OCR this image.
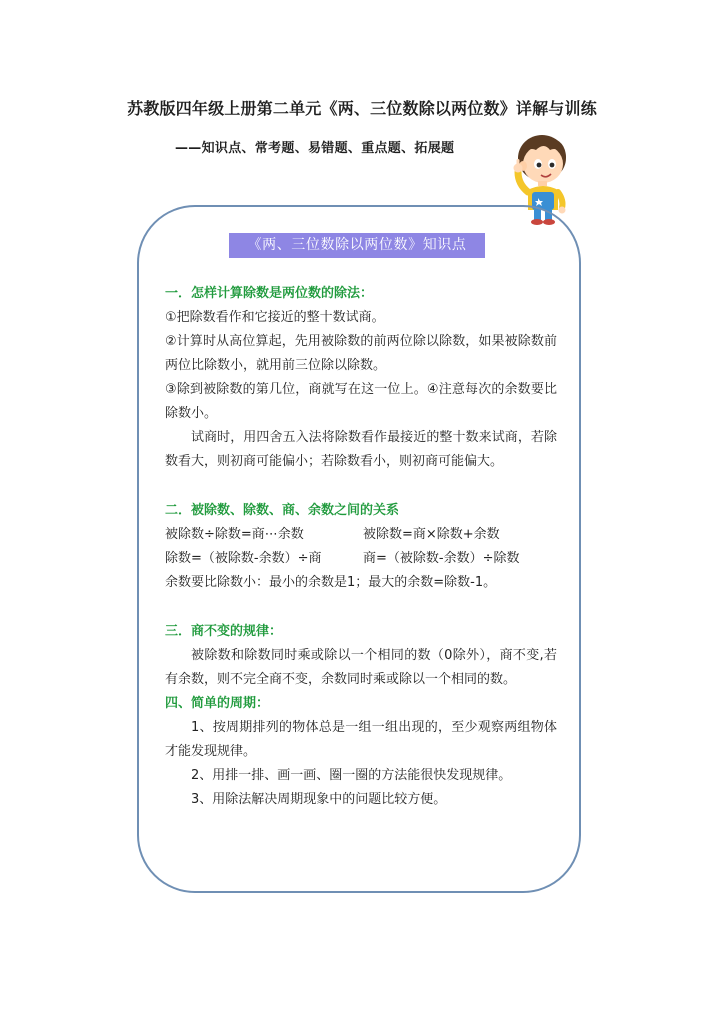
苏教版四年级上册第二单元《两、三位数除以两位数》详解与训练
——知识点、常考题、易错题、重点题、拓展题
《两、三位数除以两位数》知识点

一．怎样计算除数是两位数的除法：

①把除数看作和它接近的整十数试商。

②计算时从高位算起，先用被除数的前两位除以除数，如果被除数前两位比除数小，就用前三位除以除数。

③除到被除数的第几位，商就写在这一位上。④注意每次的余数要比除数小。

试商时，用四舍五入法将除数看作最接近的整十数来试商，若除数看大，则初商可能偏小；若除数看小，则初商可能偏大。

二．被除数、除数、商、余数之间的关系

被除数÷除数=商⋯余数	被除数=商×除数+余数

除数=（被除数-余数）÷商	商=（被除数-余数）÷除数

余数要比除数小：最小的余数是1；最大的余数=除数-1。

三．商不变的规律：

被除数和除数同时乘或除以一个相同的数（0除外），商不变,若有余数，则不完全商不变，余数同时乘或除以一个相同的数。

四、简单的周期：

1、按周期排列的物体总是一组一组出现的，至少观察两组物体才能发现规律。

2、用排一排、画一画、圈一圈的方法能很快发现规律。

3、用除法解决周期现象中的问题比较方便。
